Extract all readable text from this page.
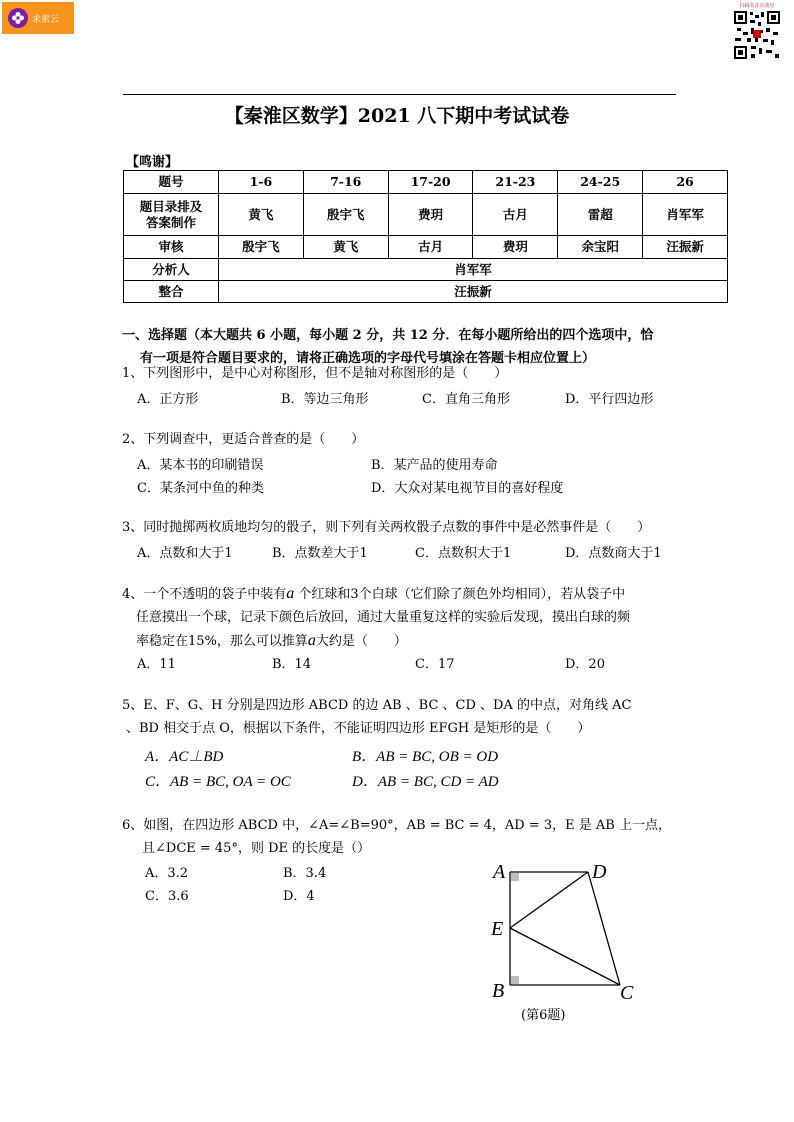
求索云
扫码关注公众号
【秦淮区数学】2021 八下期中考试试卷
【鸣谢】
题号	1-6	7-16	17-20	21-23	24-25	26
题目录排及答案制作	黄飞	殷宇飞	费玥	古月	雷超	肖军军
审核	殷宇飞	黄飞	古月	费玥	余宝阳	汪振新
分析人	肖军军					
整合	汪振新					
一、选择题（本大题共 6 小题，每小题 2 分，共 12 分．在每小题所给出的四个选项中，恰
有一项是符合题目要求的，请将正确选项的字母代号填涂在答题卡相应位置上）
1、下列图形中，是中心对称图形，但不是轴对称图形的是（　　）
A．正方形	B．等边三角形	C．直角三角形	D．平行四边形
2、下列调查中，更适合普查的是（　　）
A．某本书的印刷错误	B．某产品的使用寿命
C．某条河中鱼的种类	D．大众对某电视节目的喜好程度
3、同时抛掷两枚质地均匀的骰子，则下列有关两枚骰子点数的事件中是必然事件是（　　）
A．点数和大于1	B．点数差大于1	C．点数积大于1	D．点数商大于1
4、一个不透明的袋子中装有a 个红球和3个白球（它们除了颜色外均相同），若从袋子中
任意摸出一个球，记录下颜色后放回，通过大量重复这样的实验后发现，摸出白球的频
率稳定在15%，那么可以推算a大约是（　　）
A．11	B．14	C．17	D．20
5、E、F、G、H 分别是四边形 ABCD 的边 AB 、BC 、CD 、DA 的中点，对角线 AC
、BD 相交于点 O，根据以下条件，不能证明四边形 EFGH 是矩形的是（　　）
A．AC⊥BD	B．AB = BC, OB = OD
C．AB = BC, OA = OC	D．AB = BC, CD = AD
6、如图，在四边形 ABCD 中，∠A=∠B=90°，AB = BC = 4，AD = 3，E 是 AB 上一点，
且∠DCE = 45°，则 DE 的长度是（）
A．3.2	B．3.4
C．3.6	D．4
A	D
E
B	C
(第6题)
